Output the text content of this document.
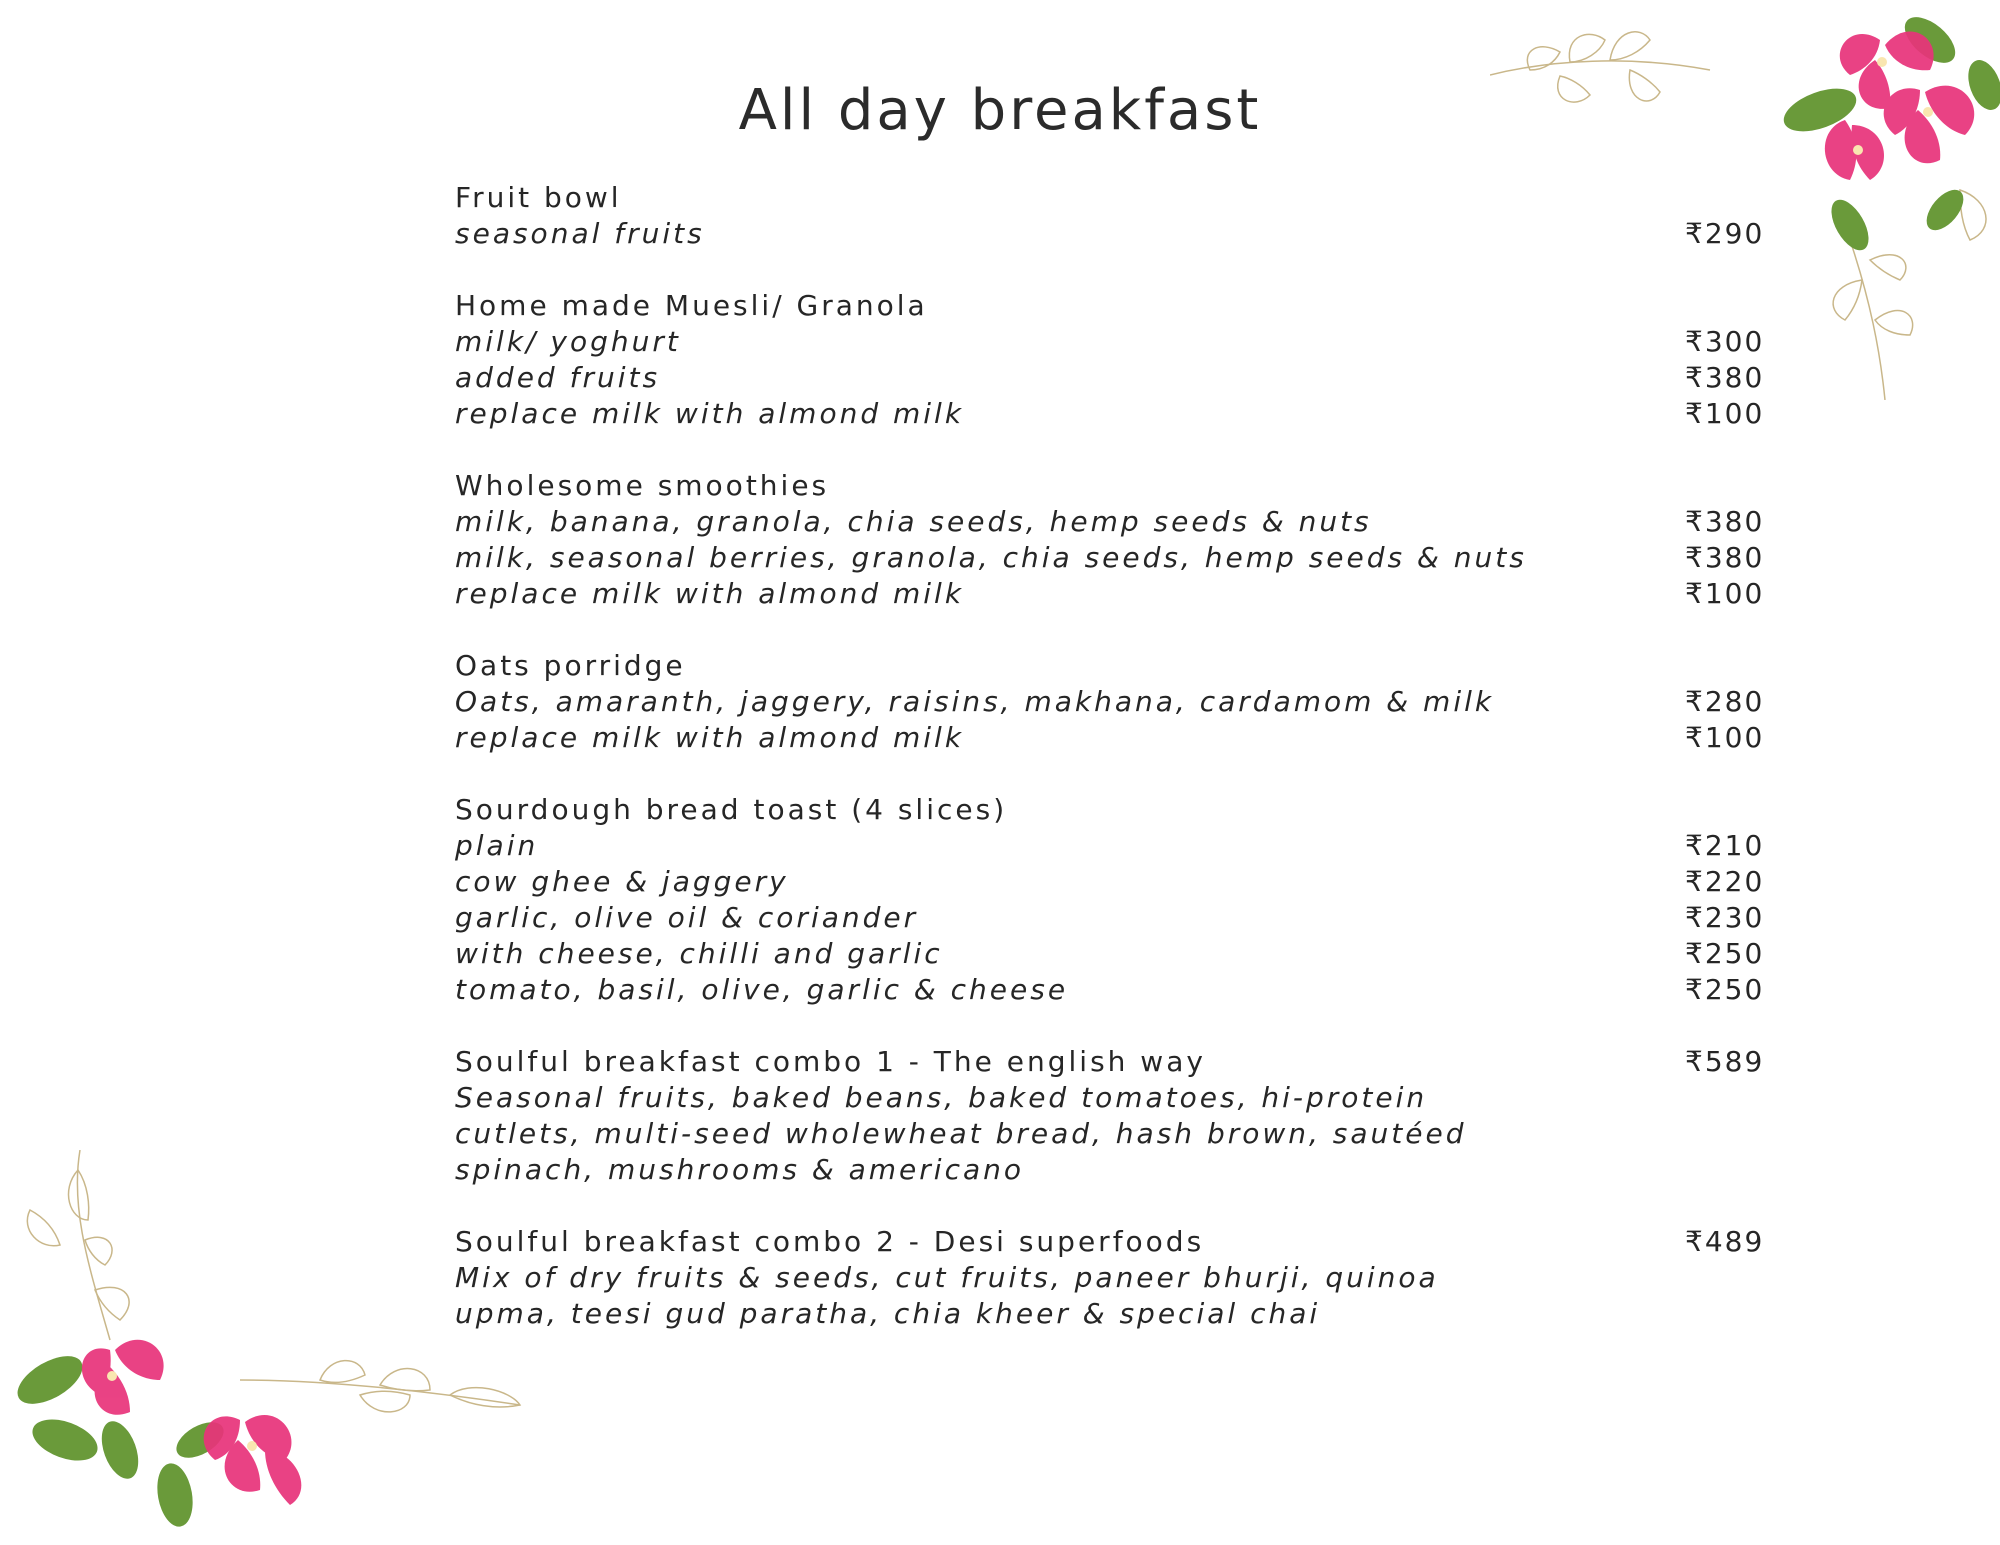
All day breakfast
Fruit bowl
seasonal fruits	₹290
Home made Muesli/ Granola
milk/ yoghurt	₹300
added fruits	₹380
replace milk with almond milk	₹100
Wholesome smoothies
milk, banana, granola, chia seeds, hemp seeds & nuts	₹380
milk, seasonal berries, granola, chia seeds, hemp seeds & nuts	₹380
replace milk with almond milk	₹100
Oats porridge
Oats, amaranth, jaggery, raisins, makhana, cardamom & milk	₹280
replace milk with almond milk	₹100
Sourdough bread toast (4 slices)
plain	₹210
cow ghee & jaggery	₹220
garlic, olive oil & coriander	₹230
with cheese, chilli and garlic	₹250
tomato, basil, olive, garlic & cheese	₹250
Soulful breakfast combo 1 - The english way	₹589
Seasonal fruits, baked beans, baked tomatoes, hi-protein
cutlets, multi-seed wholewheat bread, hash brown, sautéed
spinach, mushrooms & americano
Soulful breakfast combo 2 - Desi superfoods	₹489
Mix of dry fruits & seeds, cut fruits, paneer bhurji, quinoa
upma, teesi gud paratha, chia kheer & special chai
